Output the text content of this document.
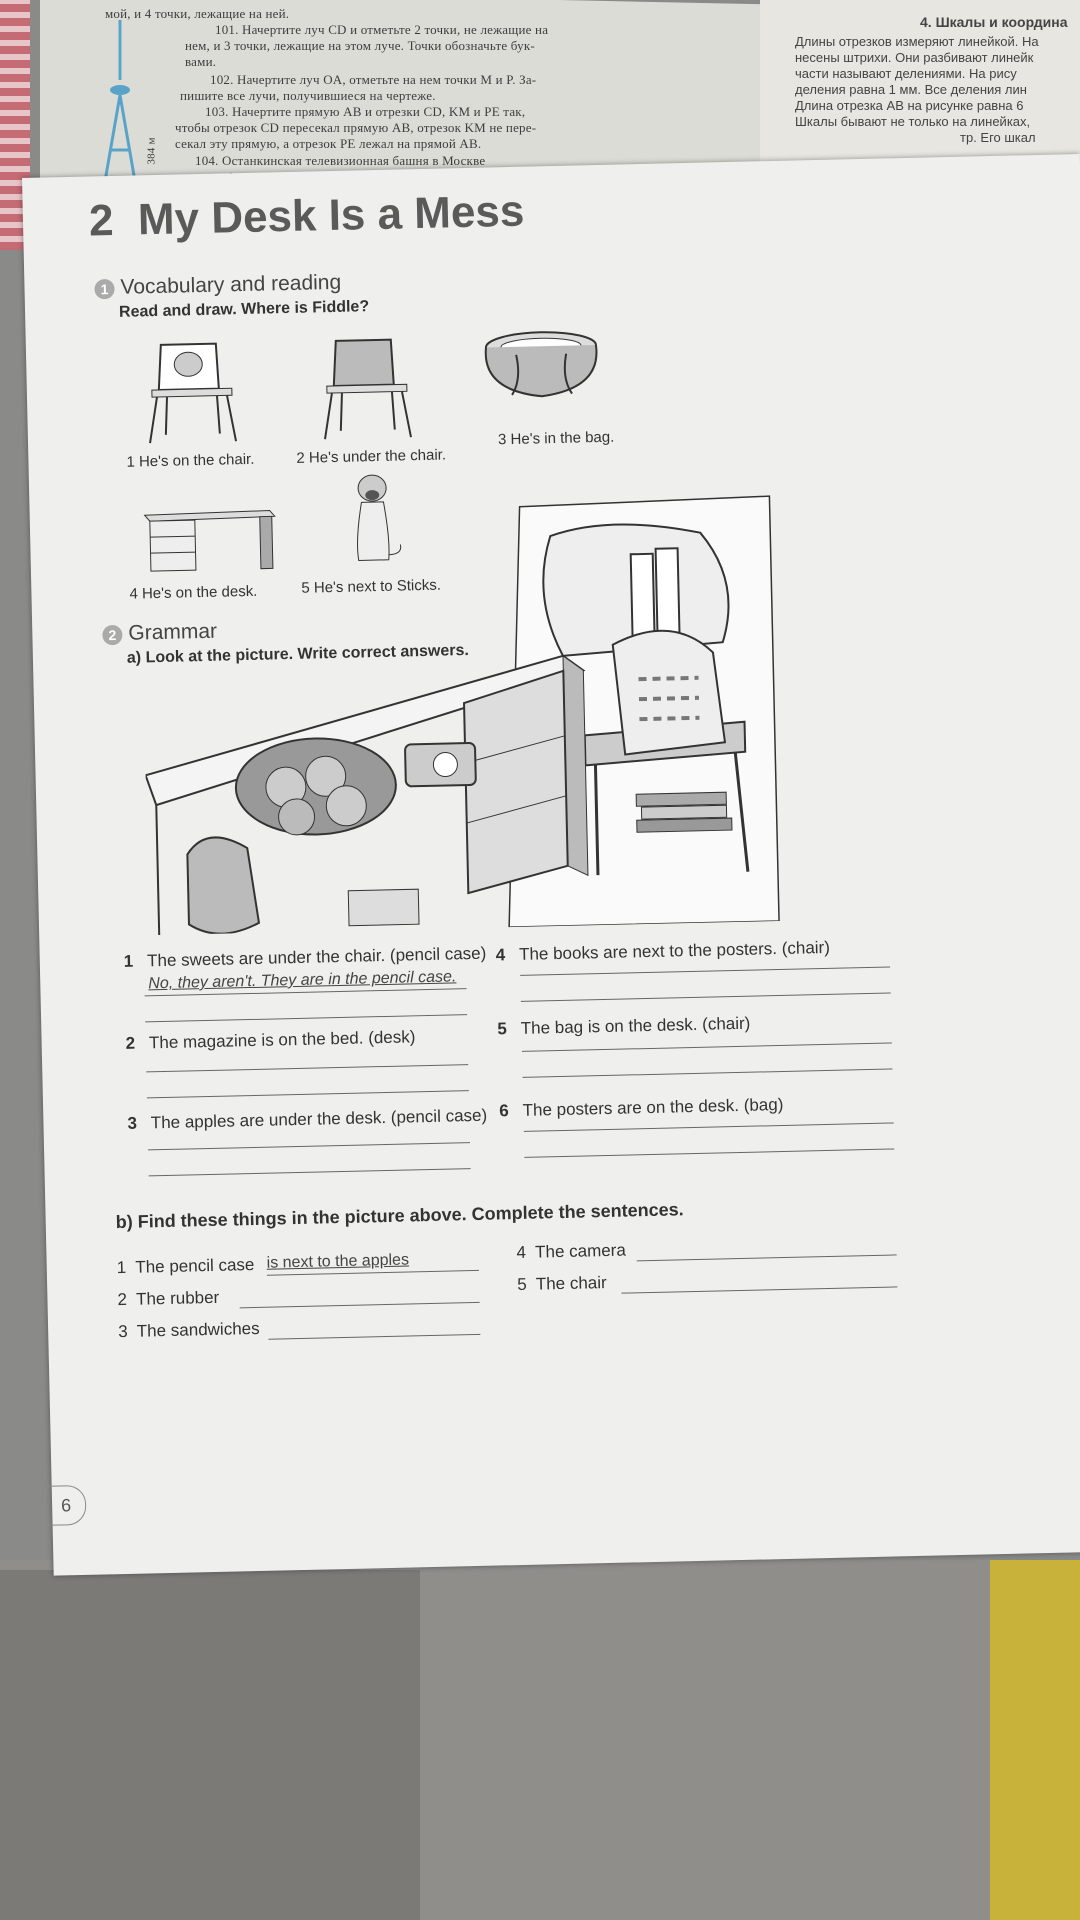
мой, и 4 точки, лежащие на ней.
101. Начертите луч CD и отметьте 2 точки, не лежащие на
нем, и 3 точки, лежащие на этом луче. Точки обозначьте бук-
вами.
102. Начертите луч OA, отметьте на нем точки M и P. За-
пишите все лучи, получившиеся на чертеже.
103. Начертите прямую AB и отрезки CD, KM и PE так,
чтобы отрезок CD пересекал прямую AB, отрезок KM не пере-
секал эту прямую, а отрезок PE лежал на прямой AB.
104. Останкинская телевизионная башня в Москве
384 м
4. Шкалы и координа
Длины отрезков измеряют линейкой. На
несены штрихи. Они разбивают линейк
части называют делениями. На рису
деления равна 1 мм. Все деления лин
Длина отрезка AB на рисунке равна 6
Шкалы бывают не только на линейках,
тр. Его шкал
2 My Desk Is a Mess
1 Vocabulary and reading
Read and draw. Where is Fiddle?
1 He's on the chair.	2 He's under the chair.
3 He's in the bag.
4 He's on the desk.	5 He's next to Sticks.
2 Grammar
a) Look at the picture. Write correct answers.
1 The sweets are under the chair. (pencil case)
No, they aren't. They are in the pencil case.
2 The magazine is on the bed. (desk)
3 The apples are under the desk. (pencil case)
4 The books are next to the posters. (chair)
5 The bag is on the desk. (chair)
6 The posters are on the desk. (bag)
b) Find these things in the picture above. Complete the sentences.
1 The pencil case is next to the apples
2 The rubber
3 The sandwiches
4 The camera
5 The chair
6
